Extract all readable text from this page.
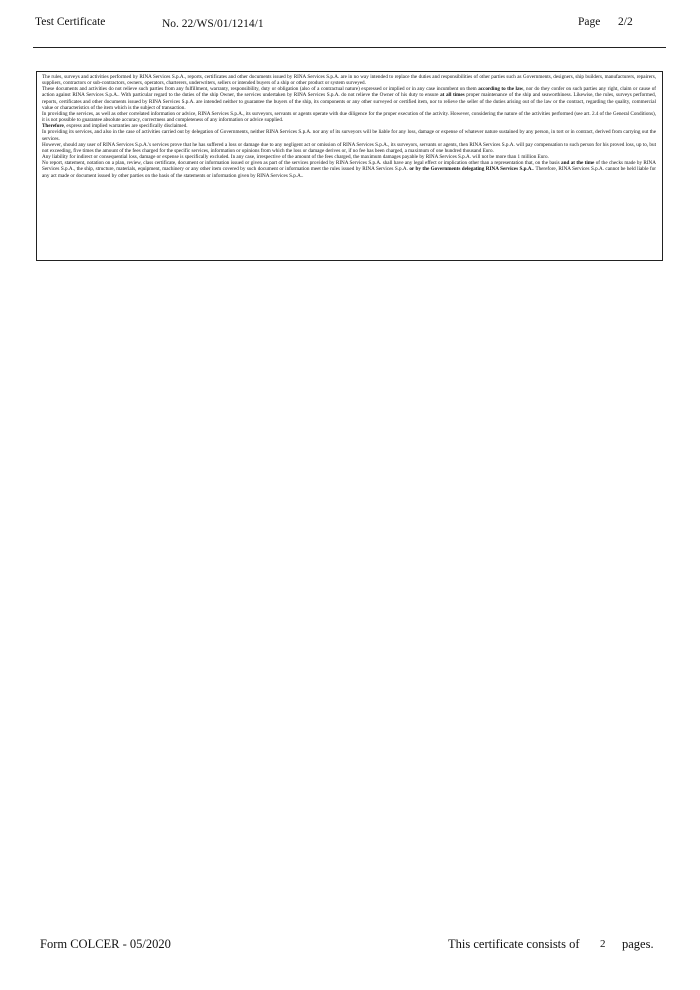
Test Certificate	No. 22/WS/01/1214/1	Page 2/2

The rules, surveys and activities performed by RINA Services S.p.A., reports, certificates and other documents issued by RINA Services S.p.A. are in no way intended to replace the duties and responsibilities of other parties such as Governments, designers, ship builders, manufacturers, repairers, suppliers, contractors or sub-contractors, owners, operators, charterers, underwriters, sellers or intended buyers of a ship or other product or system surveyed.

These documents and activities do not relieve such parties from any fulfillment, warranty, responsibility, duty or obligation (also of a contractual nature) expressed or implied or in any case incumbent on them according to the law, nor do they confer on such parties any right, claim or cause of action against RINA Services S.p.A.. With particular regard to the duties of the ship Owner, the services undertaken by RINA Services S.p.A. do not relieve the Owner of his duty to ensure at all times proper maintenance of the ship and seaworthiness. Likewise, the rules, surveys performed, reports, certificates and other documents issued by RINA Services S.p.A. are intended neither to guarantee the buyers of the ship, its components or any other surveyed or certified item, nor to relieve the seller of the duties arising out of the law or the contract, regarding the quality, commercial value or characteristics of the item which is the subject of transaction.

In providing the services, as well as other correlated information or advice, RINA Services S.p.A., its surveyors, servants or agents operate with due diligence for the proper execution of the activity. However, considering the nature of the activities performed (see art. 2.4 of the General Conditions), it is not possible to guarantee absolute accuracy, correctness and completeness of any information or advice supplied.

Therefore, express and implied warranties are specifically disclaimed.

In providing its services, and also in the case of activities carried out by delegation of Governments, neither RINA Services S.p.A. nor any of its surveyors will be liable for any loss, damage or expense of whatever nature sustained by any person, in tort or in contract, derived from carrying out the services.

However, should any user of RINA Services S.p.A.'s services prove that he has suffered a loss or damage due to any negligent act or omission of RINA Services S.p.A., its surveyors, servants or agents, then RINA Services S.p.A. will pay compensation to such person for his proved loss, up to, but not exceeding, five times the amount of the fees charged for the specific services, information or opinions from which the loss or damage derives or, if no fee has been charged, a maximum of one hundred thousand Euro.

Any liability for indirect or consequential loss, damage or expense is specifically excluded. In any case, irrespective of the amount of the fees charged, the maximum damages payable by RINA Services S.p.A. will not be more than 1 million Euro.

No report, statement, notation on a plan, review, class certificate, document or information issued or given as part of the services provided by RINA Services S.p.A. shall have any legal effect or implication other than a representation that, on the basis and at the time of the checks made by RINA Services S.p.A., the ship, structure, materials, equipment, machinery or any other item covered by such document or information meet the rules issued by RINA Services S.p.A. or by the Governments delegating RINA Services S.p.A.. Therefore, RINA Services S.p.A. cannot be held liable for any act made or document issued by other parties on the basis of the statements or information given by RINA Services S.p.A..

Form COLCER - 05/2020	This certificate consists of 2 pages.
